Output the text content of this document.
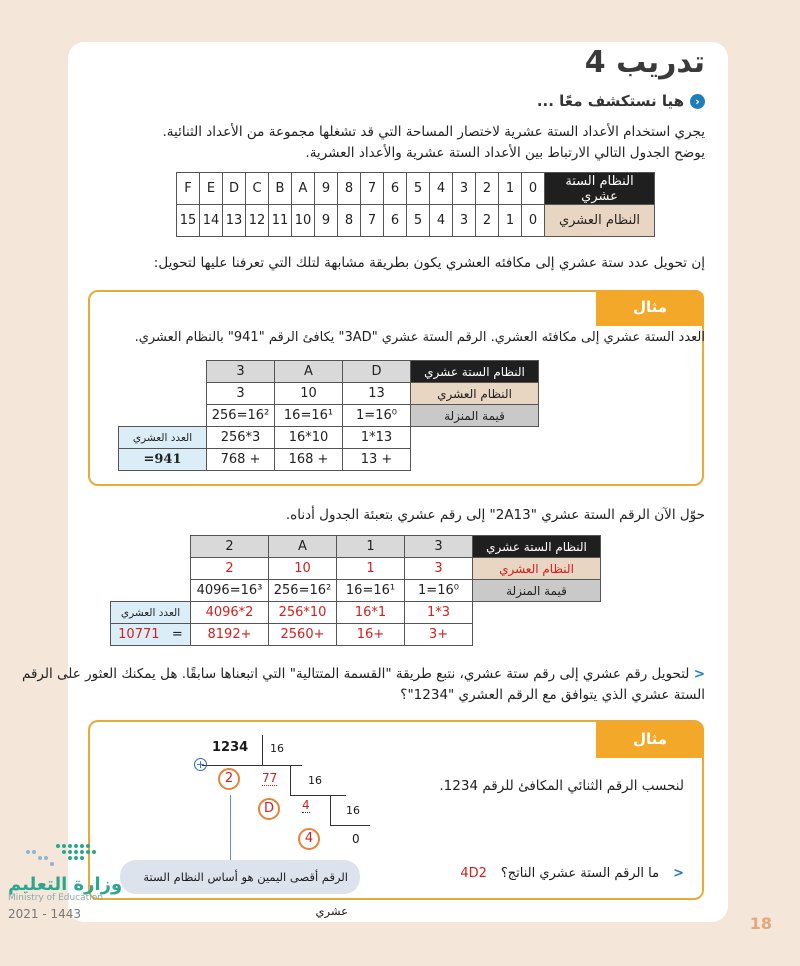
تدريب 4
‹
هيا نستكشف معًا ...
يجري استخدام الأعداد الستة عشرية لاختصار المساحة التي قد تشغلها مجموعة من الأعداد الثنائية.
يوضح الجدول التالي الارتباط بين الأعداد الستة عشرية والأعداد العشرية.
النظام الستة عشري	0	1	2	3	4	5	6	7	8	9	A	B	C	D	E	F
النظام العشري	0	1	2	3	4	5	6	7	8	9	10	11	12	13	14	15
إن تحويل عدد ستة عشري إلى مكافئه العشري يكون بطريقة مشابهة لتلك التي تعرفنا عليها لتحويل:
مثال
العدد الستة عشري إلى مكافئه العشري. الرقم الستة عشري "3AD" يكافئ الرقم "941" بالنظام العشري.
النظام الستة عشري	D	A	3	
النظام العشري	13	10	3	
قيمة المنزلة	16⁰=1	16¹=16	16²=256	
	13*1	10*16	3*256	العدد العشري
	+ 13	+ 168	+ 768	941=
حوّل الآن الرقم الستة عشري "2A13" إلى رقم عشري بتعبئة الجدول أدناه.
النظام الستة عشري	3	1	A	2	
النظام العشري	3	1	10	2	
قيمة المنزلة	16⁰=1	16¹=16	16²=256	16³=4096	
	3*1	1*16	10*256	2*4096	العدد العشري
	+3	+16	+2560	+8192	=   10771
< لتحويل رقم عشري إلى رقم ستة عشري، نتبع طريقة "القسمة المتتالية" التي اتبعناها سابقًا. هل يمكنك العثور على الرقم
الستة عشري الذي يتوافق مع الرقم العشري "1234"؟
مثال
لنحسب الرقم الثنائي المكافئ للرقم 1234.
1234 16
+
2	77	16
D	4	16
4	0
الرقم أقصى اليمين هو أساس النظام الستة عشري
<
ما الرقم الستة عشري الناتج؟
4D2
وزارة التعليم
Ministry of Education
2021 - 1443	18
